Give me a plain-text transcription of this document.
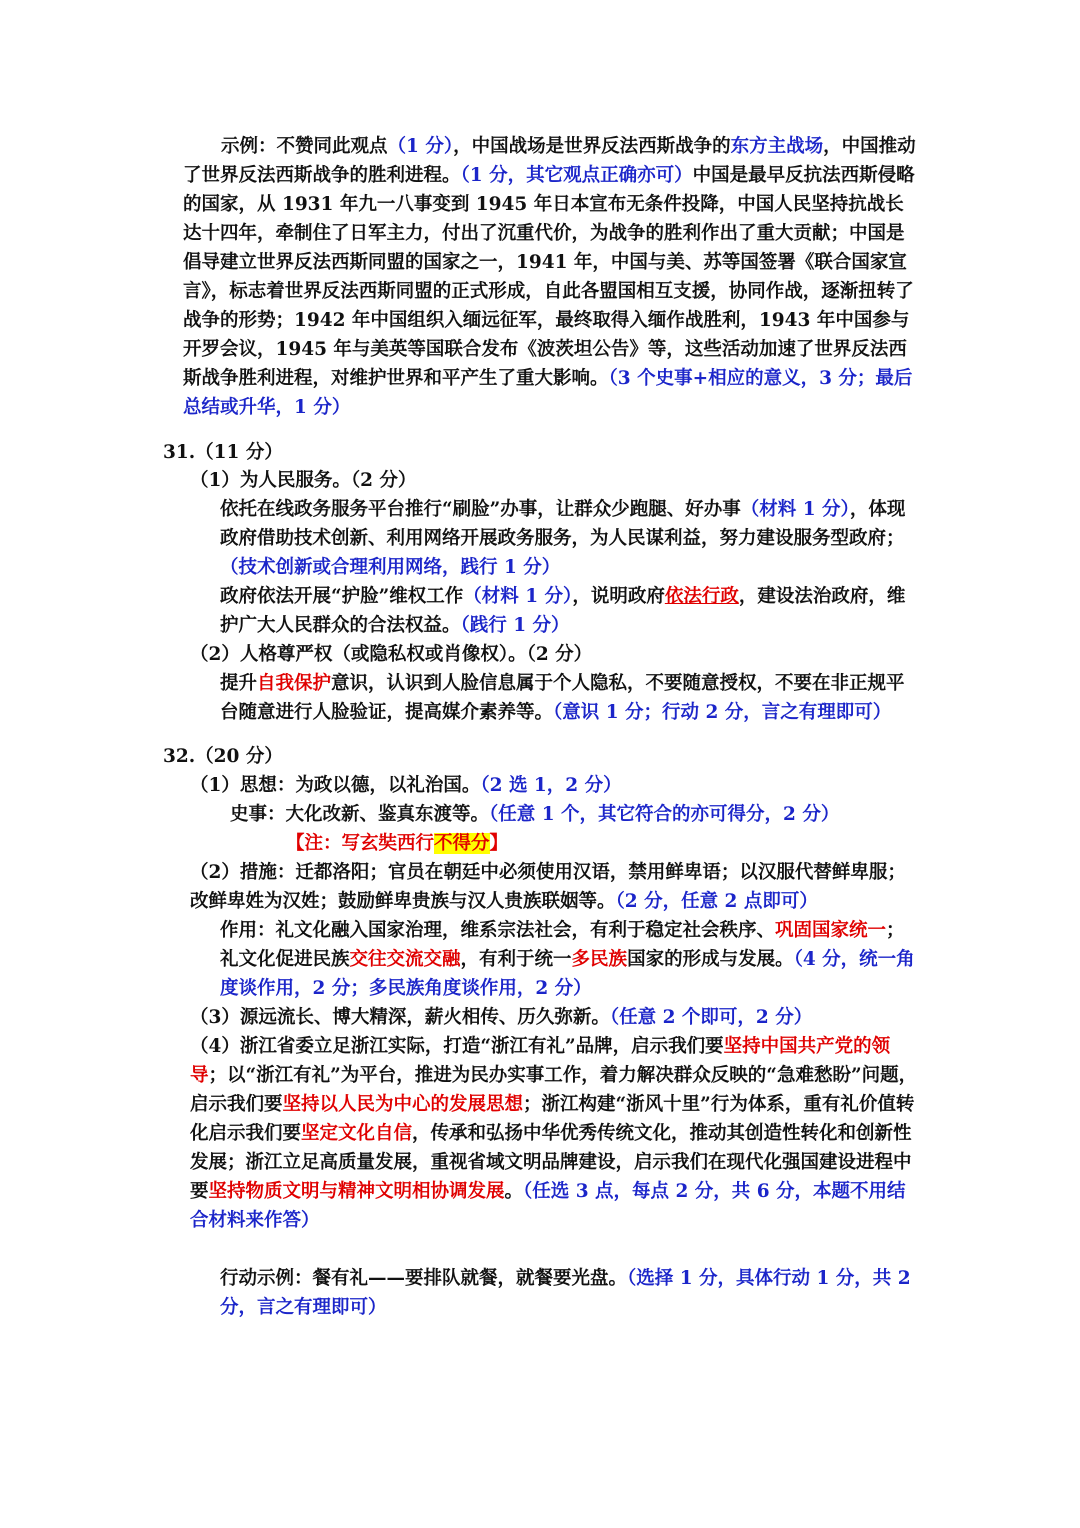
示例：不赞同此观点（1 分），中国战场是世界反法西斯战争的东方主战场，中国推动了世界反法西斯战争的胜利进程。（1 分，其它观点正确亦可）中国是最早反抗法西斯侵略的国家，从 1931 年九一八事变到 1945 年日本宣布无条件投降，中国人民坚持抗战长达十四年，牵制住了日军主力，付出了沉重代价，为战争的胜利作出了重大贡献；中国是倡导建立世界反法西斯同盟的国家之一，1941 年，中国与美、苏等国签署《联合国家宣言》，标志着世界反法西斯同盟的正式形成，自此各盟国相互支援，协同作战，逐渐扭转了战争的形势；1942 年中国组织入缅远征军，最终取得入缅作战胜利，1943 年中国参与开罗会议，1945 年与美英等国联合发布《波茨坦公告》等，这些活动加速了世界反法西斯战争胜利进程，对维护世界和平产生了重大影响。（3 个史事+相应的意义，3 分；最后总结或升华，1 分）
31.（11 分）
（1）为人民服务。（2 分）
依托在线政务服务平台推行“刷脸”办事，让群众少跑腿、好办事（材料 1 分），体现政府借助技术创新、利用网络开展政务服务，为人民谋利益，努力建设服务型政府；（技术创新或合理利用网络，践行 1 分）
政府依法开展“护脸”维权工作（材料 1 分），说明政府依法行政，建设法治政府，维护广大人民群众的合法权益。（践行 1 分）
（2）人格尊严权（或隐私权或肖像权）。（2 分）
提升自我保护意识，认识到人脸信息属于个人隐私，不要随意授权，不要在非正规平台随意进行人脸验证，提高媒介素养等。（意识 1 分；行动 2 分，言之有理即可）
32.（20 分）
（1）思想：为政以德，以礼治国。（2 选 1，2 分）
史事：大化改新、鉴真东渡等。（任意 1 个，其它符合的亦可得分，2 分）
【注：写玄奘西行不得分】
（2）措施：迁都洛阳；官员在朝廷中必须使用汉语，禁用鲜卑语；以汉服代替鲜卑服；改鲜卑姓为汉姓；鼓励鲜卑贵族与汉人贵族联姻等。（2 分，任意 2 点即可）
作用：礼文化融入国家治理，维系宗法社会，有利于稳定社会秩序、巩固国家统一；礼文化促进民族交往交流交融，有利于统一多民族国家的形成与发展。（4 分，统一角度谈作用，2 分；多民族角度谈作用，2 分）
（3）源远流长、博大精深，薪火相传、历久弥新。（任意 2 个即可，2 分）
（4）浙江省委立足浙江实际，打造“浙江有礼”品牌，启示我们要坚持中国共产党的领导；以“浙江有礼”为平台，推进为民办实事工作，着力解决群众反映的“急难愁盼”问题，启示我们要坚持以人民为中心的发展思想；浙江构建“浙风十里”行为体系，重有礼价值转化启示我们要坚定文化自信，传承和弘扬中华优秀传统文化，推动其创造性转化和创新性发展；浙江立足高质量发展，重视省域文明品牌建设，启示我们在现代化强国建设进程中要坚持物质文明与精神文明相协调发展。（任选 3 点，每点 2 分，共 6 分，本题不用结合材料来作答）
行动示例：餐有礼——要排队就餐，就餐要光盘。（选择 1 分，具体行动 1 分，共 2 分，言之有理即可）
